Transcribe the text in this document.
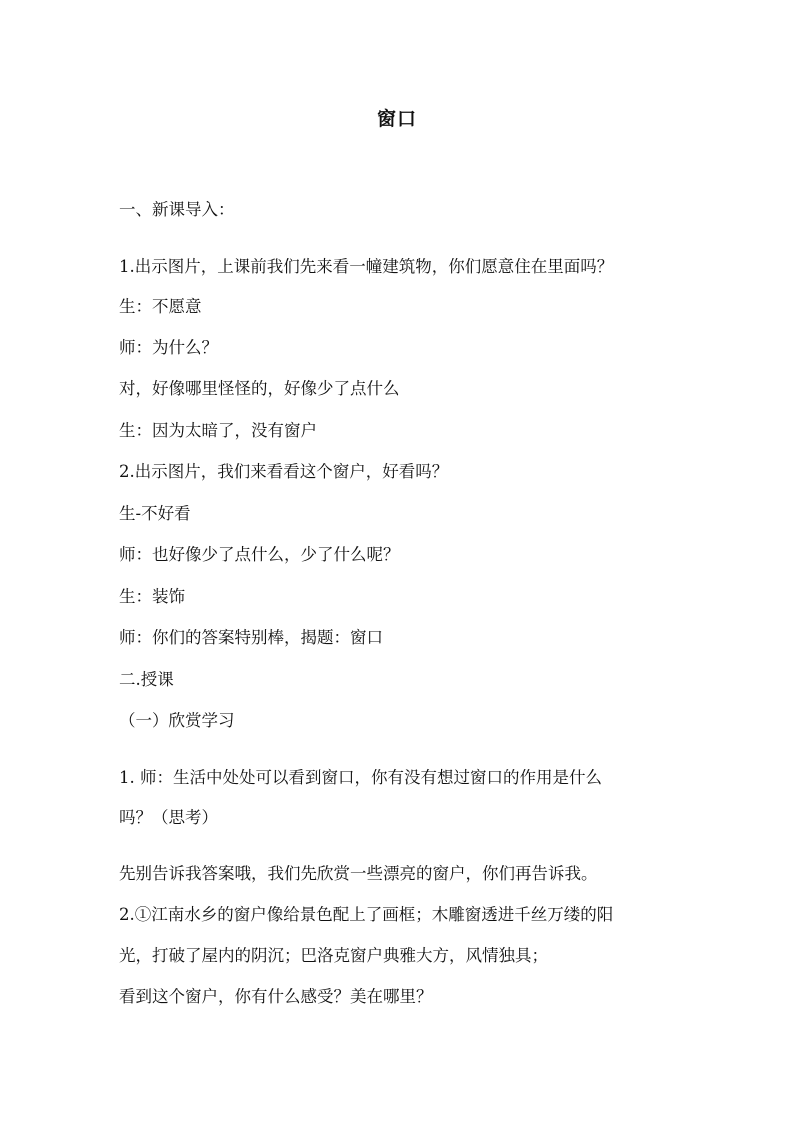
窗口

一、新课导入：

1.出示图片，上课前我们先来看一幢建筑物，你们愿意住在里面吗？

生：不愿意

师：为什么？

对，好像哪里怪怪的，好像少了点什么

生：因为太暗了，没有窗户

2.出示图片，我们来看看这个窗户，好看吗？

生-不好看

师：也好像少了点什么，少了什么呢？

生：装饰

师：你们的答案特别棒，揭题：窗口

二.授课

（一）欣赏学习

1. 师：生活中处处可以看到窗口，你有没有想过窗口的作用是什么

吗？（思考）

先别告诉我答案哦，我们先欣赏一些漂亮的窗户，你们再告诉我。

2.①江南水乡的窗户像给景色配上了画框；木雕窗透进千丝万缕的阳

光，打破了屋内的阴沉；巴洛克窗户典雅大方，风情独具；

看到这个窗户，你有什么感受？美在哪里？
